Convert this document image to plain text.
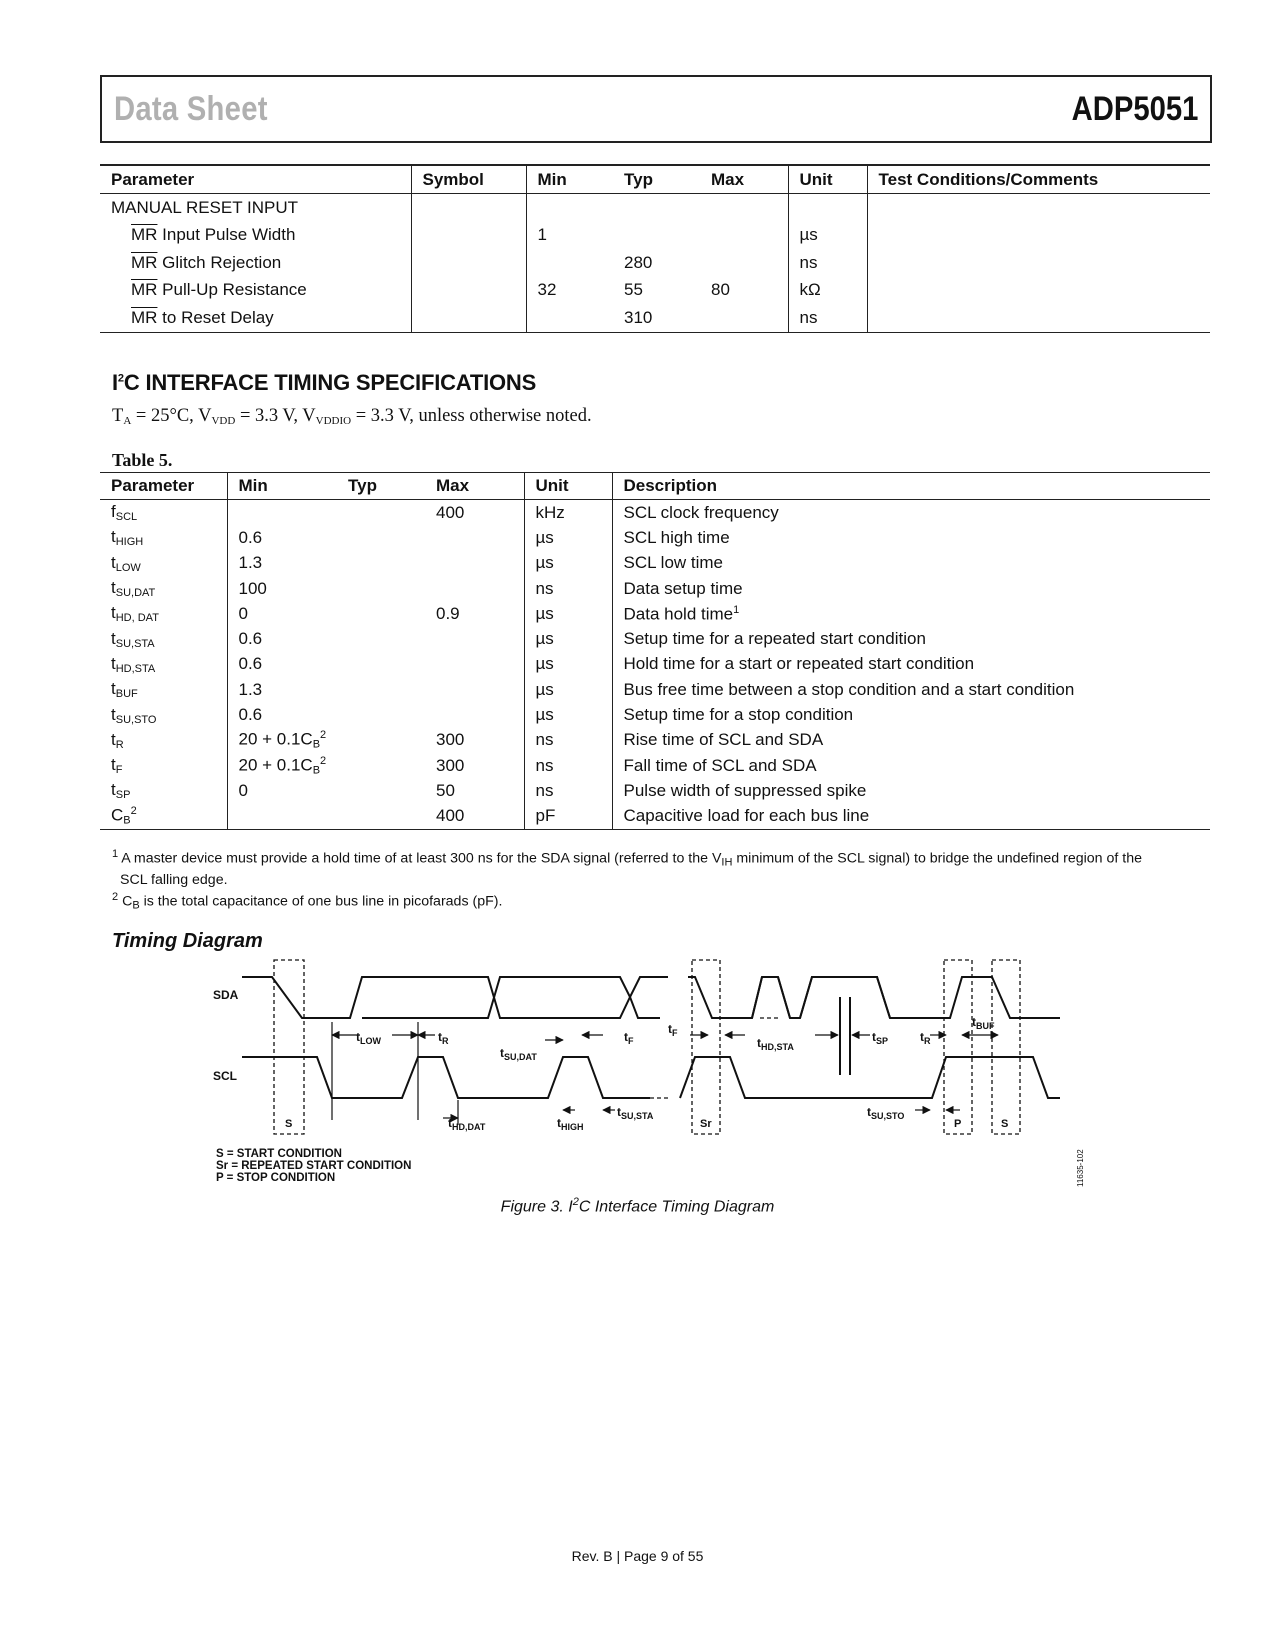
Data Sheet	ADP5051
Parameter	Symbol	Min	Typ	Max	Unit	Test Conditions/Comments
MANUAL RESET INPUT						
$\overline{MR}$ Input Pulse Width		1			µs	
$\overline{MR}$ Glitch Rejection			280		ns	
$\overline{MR}$ Pull-Up Resistance		32	55	80	kΩ	
$\overline{MR}$ to Reset Delay			310		ns	
$I^2C$ INTERFACE TIMING SPECIFICATIONS
$T_A = 25^\circ C$, $V_{VDD} = 3.3$ V, $V_{VDDIO} = 3.3$ V, unless otherwise noted.
Table 5.
Parameter	Min	Typ	Max	Unit	Description
$f_{SCL}$			400	kHz	SCL clock frequency
$t_{HIGH}$	0.6			µs	SCL high time
$t_{LOW}$	1.3			µs	SCL low time
$t_{SU,DAT}$	100			ns	Data setup time
$t_{HD, DAT}$	0		0.9	µs	Data hold time$^1$
$t_{SU,STA}$	0.6			µs	Setup time for a repeated start condition
$t_{HD,STA}$	0.6			µs	Hold time for a start or repeated start condition
$t_{BUF}$	1.3			µs	Bus free time between a stop condition and a start condition
$t_{SU,STO}$	0.6			µs	Setup time for a stop condition
$t_R$	$20 + 0.1C_B^2$		300	ns	Rise time of SCL and SDA
$t_F$	$20 + 0.1C_B^2$		300	ns	Fall time of SCL and SDA
$t_{SP}$	0		50	ns	Pulse width of suppressed spike
$C_B^2$			400	pF	Capacitive load for each bus line
$^1$ A master device must provide a hold time of at least 300 ns for the SDA signal (referred to the $V_{IH}$ minimum of the SCL signal) to bridge the undefined region of the
SCL falling edge.
$^2$ $C_B$ is the total capacitance of one bus line in picofarads (pF).
Timing Diagram
SDA
SCL
$t_{LOW}$	$t_R$
$t_{SU,DAT}$
$t_F$
$t_F$
$t_{HD,STA}$
$t_{SP}$	$t_R$
$t_{BUF}$
$t_{HD,DAT}$	$t_{HIGH}$
$t_{SU,STA}$	$t_{SU,STO}$
S	Sr	P	S
S = START CONDITION
Sr = REPEATED START CONDITION
P = STOP CONDITION	11635-102
Figure 3. $I^2C$ Interface Timing Diagram
Rev. B | Page 9 of 55
